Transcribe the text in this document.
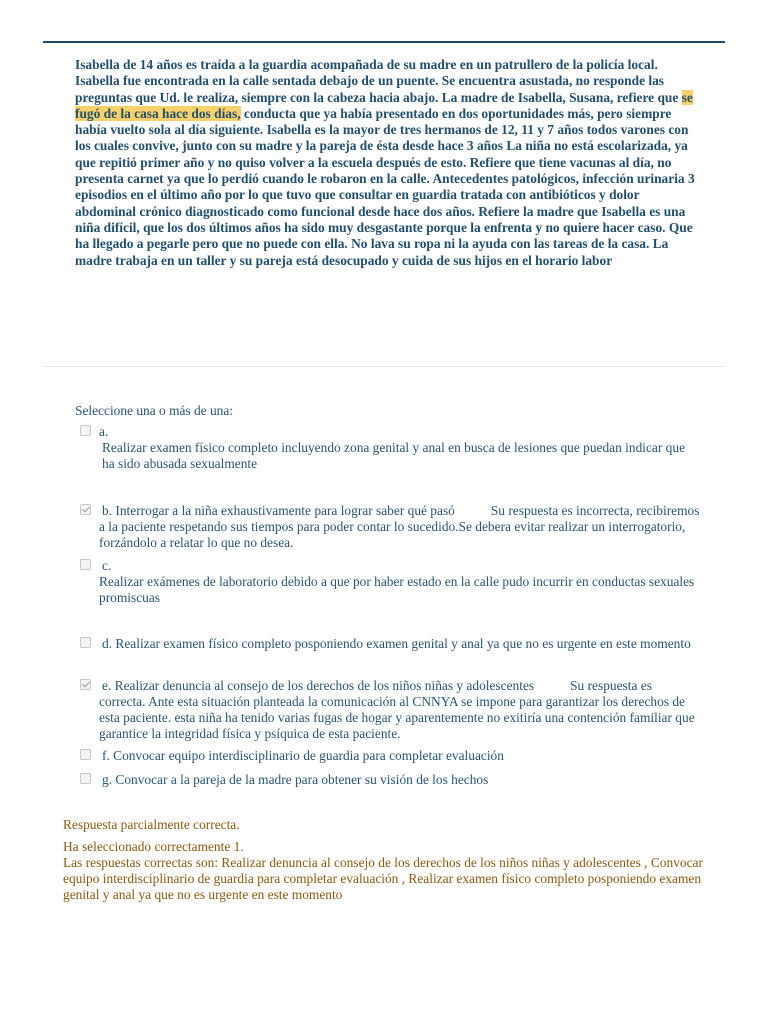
Isabella de 14 años es traída a la guardia acompañada de su madre en un patrullero de la policía local. Isabella fue encontrada en la calle sentada debajo de un puente. Se encuentra asustada, no responde las preguntas que Ud. le realiza, siempre con la cabeza hacia abajo. La madre de Isabella, Susana, refiere que se fugó de la casa hace dos días, conducta que ya había presentado en dos oportunidades más, pero siempre había vuelto sola al día siguiente. Isabella es la mayor de tres hermanos de 12, 11 y 7 años todos varones con los cuales convive, junto con su madre y la pareja de ésta desde hace 3 años La niña no está escolarizada, ya que repitió primer año y no quiso volver a la escuela después de esto. Refiere que tiene vacunas al día, no presenta carnet ya que lo perdió cuando le robaron en la calle. Antecedentes patológicos, infección urinaria 3 episodios en el último año por lo que tuvo que consultar en guardia tratada con antibióticos y dolor abdominal crónico diagnosticado como funcional desde hace dos años. Refiere la madre que Isabella es una niña difícil, que los dos últimos años ha sido muy desgastante porque la enfrenta y no quiere hacer caso. Que ha llegado a pegarle pero que no puede con ella. No lava su ropa ni la ayuda con las tareas de la casa. La madre trabaja en un taller y su pareja está desocupado y cuida de sus hijos en el horario labor
Seleccione una o más de una:
a.
Realizar examen físico completo incluyendo zona genital y anal en busca de lesiones que puedan indicar que ha sido abusada sexualmente
b. Interrogar a la niña exhaustivamente para lograr saber qué pasó	Su respuesta es incorrecta, recibiremos a la paciente respetando sus tiempos para poder contar lo sucedido.Se debera evitar realizar un interrogatorio, forzándolo a relatar lo que no desea.
c.
Realizar exámenes de laboratorio debido a que por haber estado en la calle pudo incurrir en conductas sexuales promiscuas
d. Realizar examen físico completo posponiendo examen genital y anal ya que no es urgente en este momento
e. Realizar denuncia al consejo de los derechos de los niños niñas y adolescentes	Su respuesta es correcta. Ante esta situación planteada la comunicación al CNNYA se impone para garantizar los derechos de esta paciente. esta niña ha tenido varias fugas de hogar y aparentemente no exitiría una contención familiar que garantice la integridad física y psíquica de esta paciente.
f. Convocar equipo interdisciplinario de guardia para completar evaluación
g. Convocar a la pareja de la madre para obtener su visión de los hechos
Respuesta parcialmente correcta.
Ha seleccionado correctamente 1.
Las respuestas correctas son: Realizar denuncia al consejo de los derechos de los niños niñas y adolescentes , Convocar equipo interdisciplinario de guardia para completar evaluación , Realizar examen físico completo posponiendo examen genital y anal ya que no es urgente en este momento
